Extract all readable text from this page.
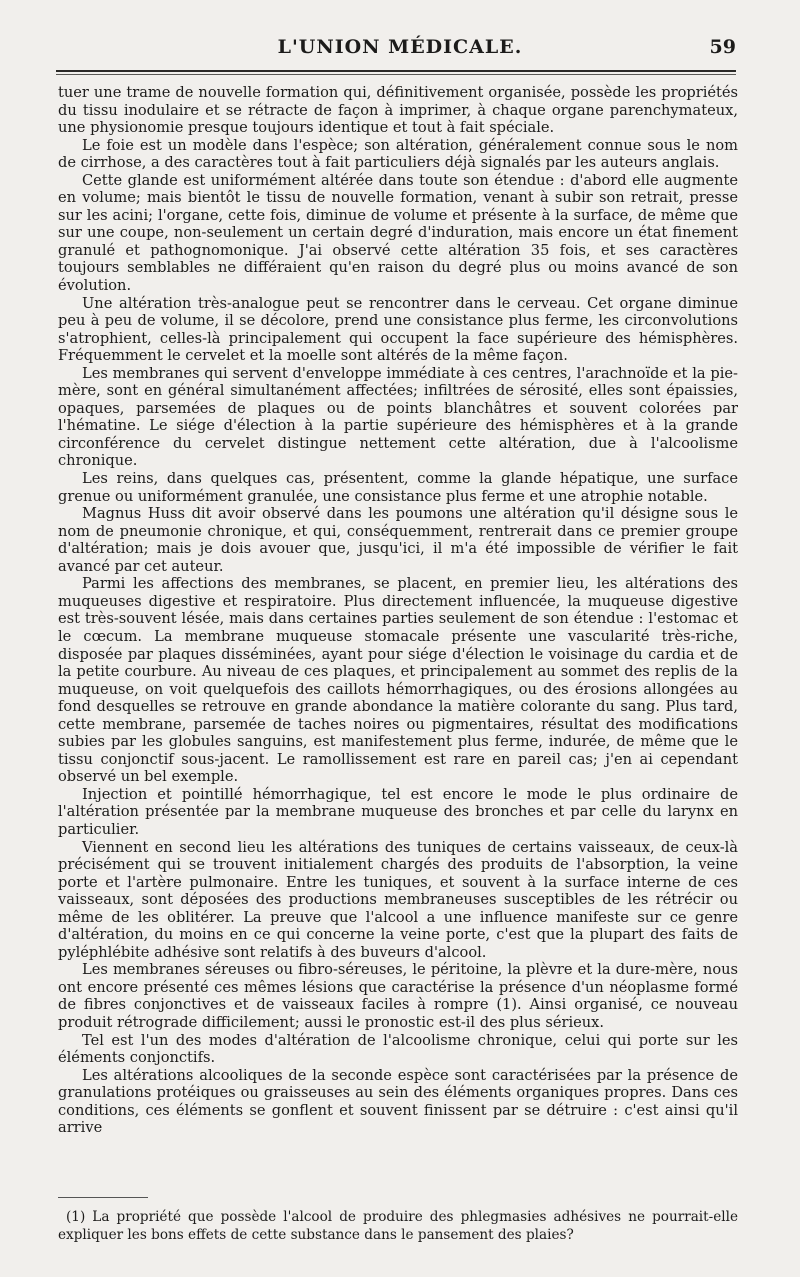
L'UNION MÉDICALE.	59

tuer une trame de nouvelle formation qui, définitivement organisée, possède les propriétés du tissu inodulaire et se rétracte de façon à imprimer, à chaque organe parenchymateux, une physionomie presque toujours identique et tout à fait spéciale.

Le foie est un modèle dans l'espèce; son altération, généralement connue sous le nom de cirrhose, a des caractères tout à fait particuliers déjà signalés par les auteurs anglais.

Cette glande est uniformément altérée dans toute son étendue : d'abord elle augmente en volume; mais bientôt le tissu de nouvelle formation, venant à subir son retrait, presse sur les acini; l'organe, cette fois, diminue de volume et présente à la surface, de même que sur une coupe, non-seulement un certain degré d'induration, mais encore un état finement granulé et pathognomonique. J'ai observé cette altération 35 fois, et ses caractères toujours semblables ne différaient qu'en raison du degré plus ou moins avancé de son évolution.

Une altération très-analogue peut se rencontrer dans le cerveau. Cet organe diminue peu à peu de volume, il se décolore, prend une consistance plus ferme, les circonvolutions s'atrophient, celles-là principalement qui occupent la face supérieure des hémisphères. Fréquemment le cervelet et la moelle sont altérés de la même façon.

Les membranes qui servent d'enveloppe immédiate à ces centres, l'arachnoïde et la pie-mère, sont en général simultanément affectées; infiltrées de sérosité, elles sont épaissies, opaques, parsemées de plaques ou de points blanchâtres et souvent colorées par l'hématine. Le siége d'élection à la partie supérieure des hémisphères et à la grande circonférence du cervelet distingue nettement cette altération, due à l'alcoolisme chronique.

Les reins, dans quelques cas, présentent, comme la glande hépatique, une surface grenue ou uniformément granulée, une consistance plus ferme et une atrophie notable.

Magnus Huss dit avoir observé dans les poumons une altération qu'il désigne sous le nom de pneumonie chronique, et qui, conséquemment, rentrerait dans ce premier groupe d'altération; mais je dois avouer que, jusqu'ici, il m'a été impossible de vérifier le fait avancé par cet auteur.

Parmi les affections des membranes, se placent, en premier lieu, les altérations des muqueuses digestive et respiratoire. Plus directement influencée, la muqueuse digestive est très-souvent lésée, mais dans certaines parties seulement de son étendue : l'estomac et le cœcum. La membrane muqueuse stomacale présente une vascularité très-riche, disposée par plaques disséminées, ayant pour siége d'élection le voisinage du cardia et de la petite courbure. Au niveau de ces plaques, et principalement au sommet des replis de la muqueuse, on voit quelquefois des caillots hémorrhagiques, ou des érosions allongées au fond desquelles se retrouve en grande abondance la matière colorante du sang. Plus tard, cette membrane, parsemée de taches noires ou pigmentaires, résultat des modifications subies par les globules sanguins, est manifestement plus ferme, indurée, de même que le tissu conjonctif sous-jacent. Le ramollissement est rare en pareil cas; j'en ai cependant observé un bel exemple.

Injection et pointillé hémorrhagique, tel est encore le mode le plus ordinaire de l'altération présentée par la membrane muqueuse des bronches et par celle du larynx en particulier.

Viennent en second lieu les altérations des tuniques de certains vaisseaux, de ceux-là précisément qui se trouvent initialement chargés des produits de l'absorption, la veine porte et l'artère pulmonaire. Entre les tuniques, et souvent à la surface interne de ces vaisseaux, sont déposées des productions membraneuses susceptibles de les rétrécir ou même de les oblitérer. La preuve que l'alcool a une influence manifeste sur ce genre d'altération, du moins en ce qui concerne la veine porte, c'est que la plupart des faits de pyléphlébite adhésive sont relatifs à des buveurs d'alcool.

Les membranes séreuses ou fibro-séreuses, le péritoine, la plèvre et la dure-mère, nous ont encore présenté ces mêmes lésions que caractérise la présence d'un néoplasme formé de fibres conjonctives et de vaisseaux faciles à rompre (1). Ainsi organisé, ce nouveau produit rétrograde difficilement; aussi le pronostic est-il des plus sérieux.

Tel est l'un des modes d'altération de l'alcoolisme chronique, celui qui porte sur les éléments conjonctifs.

Les altérations alcooliques de la seconde espèce sont caractérisées par la présence de granulations protéiques ou graisseuses au sein des éléments organiques propres. Dans ces conditions, ces éléments se gonflent et souvent finissent par se détruire : c'est ainsi qu'il arrive

(1) La propriété que possède l'alcool de produire des phlegmasies adhésives ne pourrait-elle expliquer les bons effets de cette substance dans le pansement des plaies?
